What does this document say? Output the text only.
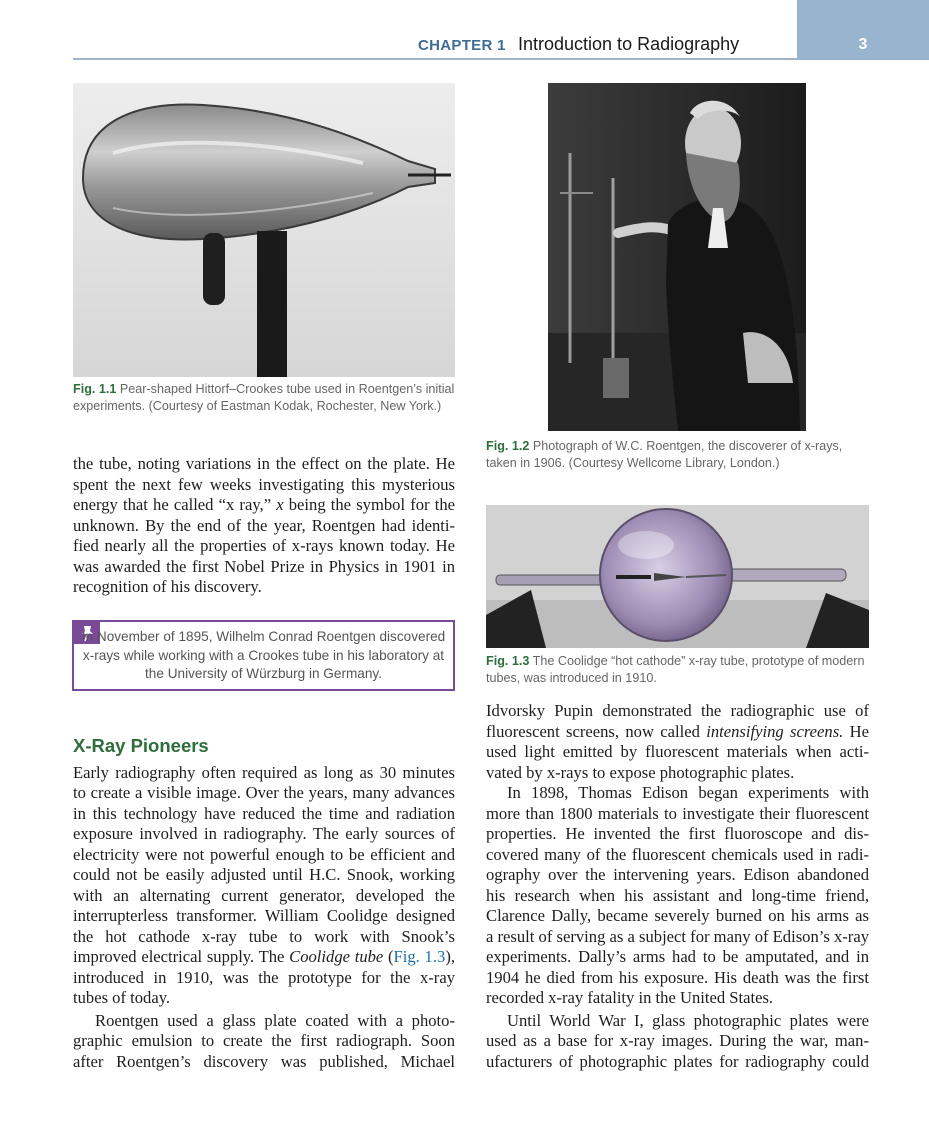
CHAPTER 1 Introduction to Radiography	3
Fig. 1.1 Pear-shaped Hittorf–Crookes tube used in Roentgen’s initial experiments. (Courtesy of Eastman Kodak, Rochester, New York.)
Fig. 1.2 Photograph of W.C. Roentgen, the discoverer of x-rays, taken in 1906. (Courtesy Wellcome Library, London.)
Fig. 1.3 The Coolidge “hot cathode” x-ray tube, prototype of modern tubes, was introduced in 1910.
the tube, noting variations in the effect on the plate. He
spent the next few weeks investigating this mysterious
energy that he called “x ray,” x being the symbol for the
unknown. By the end of the year, Roentgen had identi-
fied nearly all the properties of x-rays known today. He
was awarded the first Nobel Prize in Physics in 1901 in
recognition of his discovery.
In November of 1895, Wilhelm Conrad Roentgen discovered x-rays while working with a Crookes tube in his laboratory at the University of Würzburg in Germany.
X-Ray Pioneers
Early radiography often required as long as 30 minutes
to create a visible image. Over the years, many advances
in this technology have reduced the time and radiation
exposure involved in radiography. The early sources of
electricity were not powerful enough to be efficient and
could not be easily adjusted until H.C. Snook, working
with an alternating current generator, developed the
interrupterless transformer. William Coolidge designed
the hot cathode x-ray tube to work with Snook’s
improved electrical supply. The Coolidge tube (Fig. 1.3),
introduced in 1910, was the prototype for the x-ray
tubes of today.
Roentgen used a glass plate coated with a photo-
graphic emulsion to create the first radiograph. Soon
after Roentgen’s discovery was published, Michael
Idvorsky Pupin demonstrated the radiographic use of
fluorescent screens, now called intensifying screens. He
used light emitted by fluorescent materials when acti-
vated by x-rays to expose photographic plates.
In 1898, Thomas Edison began experiments with
more than 1800 materials to investigate their fluorescent
properties. He invented the first fluoroscope and dis-
covered many of the fluorescent chemicals used in radi-
ography over the intervening years. Edison abandoned
his research when his assistant and long-time friend,
Clarence Dally, became severely burned on his arms as
a result of serving as a subject for many of Edison’s x-ray
experiments. Dally’s arms had to be amputated, and in
1904 he died from his exposure. His death was the first
recorded x-ray fatality in the United States.
Until World War I, glass photographic plates were
used as a base for x-ray images. During the war, man-
ufacturers of photographic plates for radiography could
